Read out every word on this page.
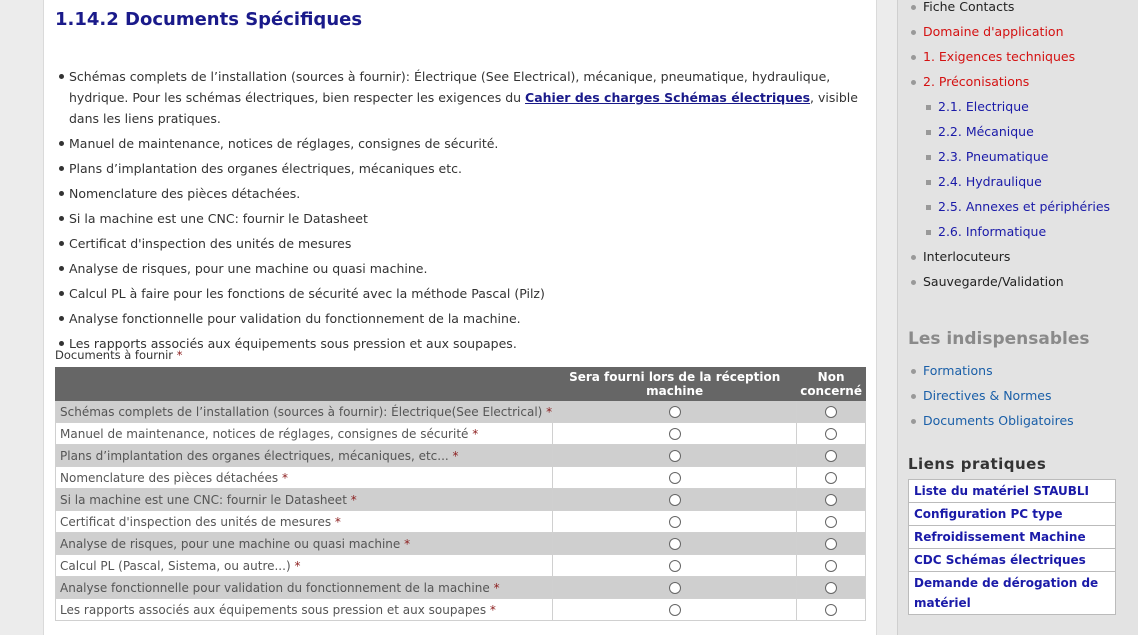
1.14.2 Documents Spécifiques
Schémas complets de l’installation (sources à fournir): Électrique (See Electrical), mécanique, pneumatique, hydraulique, hydrique. Pour les schémas électriques, bien respecter les exigences du Cahier des charges Schémas électriques, visible dans les liens pratiques.
Manuel de maintenance, notices de réglages, consignes de sécurité.
Plans d’implantation des organes électriques, mécaniques etc.
Nomenclature des pièces détachées.
Si la machine est une CNC: fournir le Datasheet
Certificat d'inspection des unités de mesures
Analyse de risques, pour une machine ou quasi machine.
Calcul PL à faire pour les fonctions de sécurité avec la méthode Pascal (Pilz)
Analyse fonctionnelle pour validation du fonctionnement de la machine.
Les rapports associés aux équipements sous pression et aux soupapes.
Documents à fournir *
	Sera fourni lors de la réception machine	Non concerné
Schémas complets de l’installation (sources à fournir): Électrique(See Electrical) *		
Manuel de maintenance, notices de réglages, consignes de sécurité *		
Plans d’implantation des organes électriques, mécaniques, etc... *		
Nomenclature des pièces détachées *		
Si la machine est une CNC: fournir le Datasheet *		
Certificat d'inspection des unités de mesures *		
Analyse de risques, pour une machine ou quasi machine *		
Calcul PL (Pascal, Sistema, ou autre...) *		
Analyse fonctionnelle pour validation du fonctionnement de la machine *		
Les rapports associés aux équipements sous pression et aux soupapes *		
Fiche Contacts
Domaine d'application
1. Exigences techniques
2. Préconisations
2.1. Electrique
2.2. Mécanique
2.3. Pneumatique
2.4. Hydraulique
2.5. Annexes et périphéries
2.6. Informatique
Interlocuteurs
Sauvegarde/Validation
Les indispensables
Formations
Directives & Normes
Documents Obligatoires
Liens pratiques
Liste du matériel STAUBLI
Configuration PC type
Refroidissement Machine
CDC Schémas électriques
Demande de dérogation de matériel
